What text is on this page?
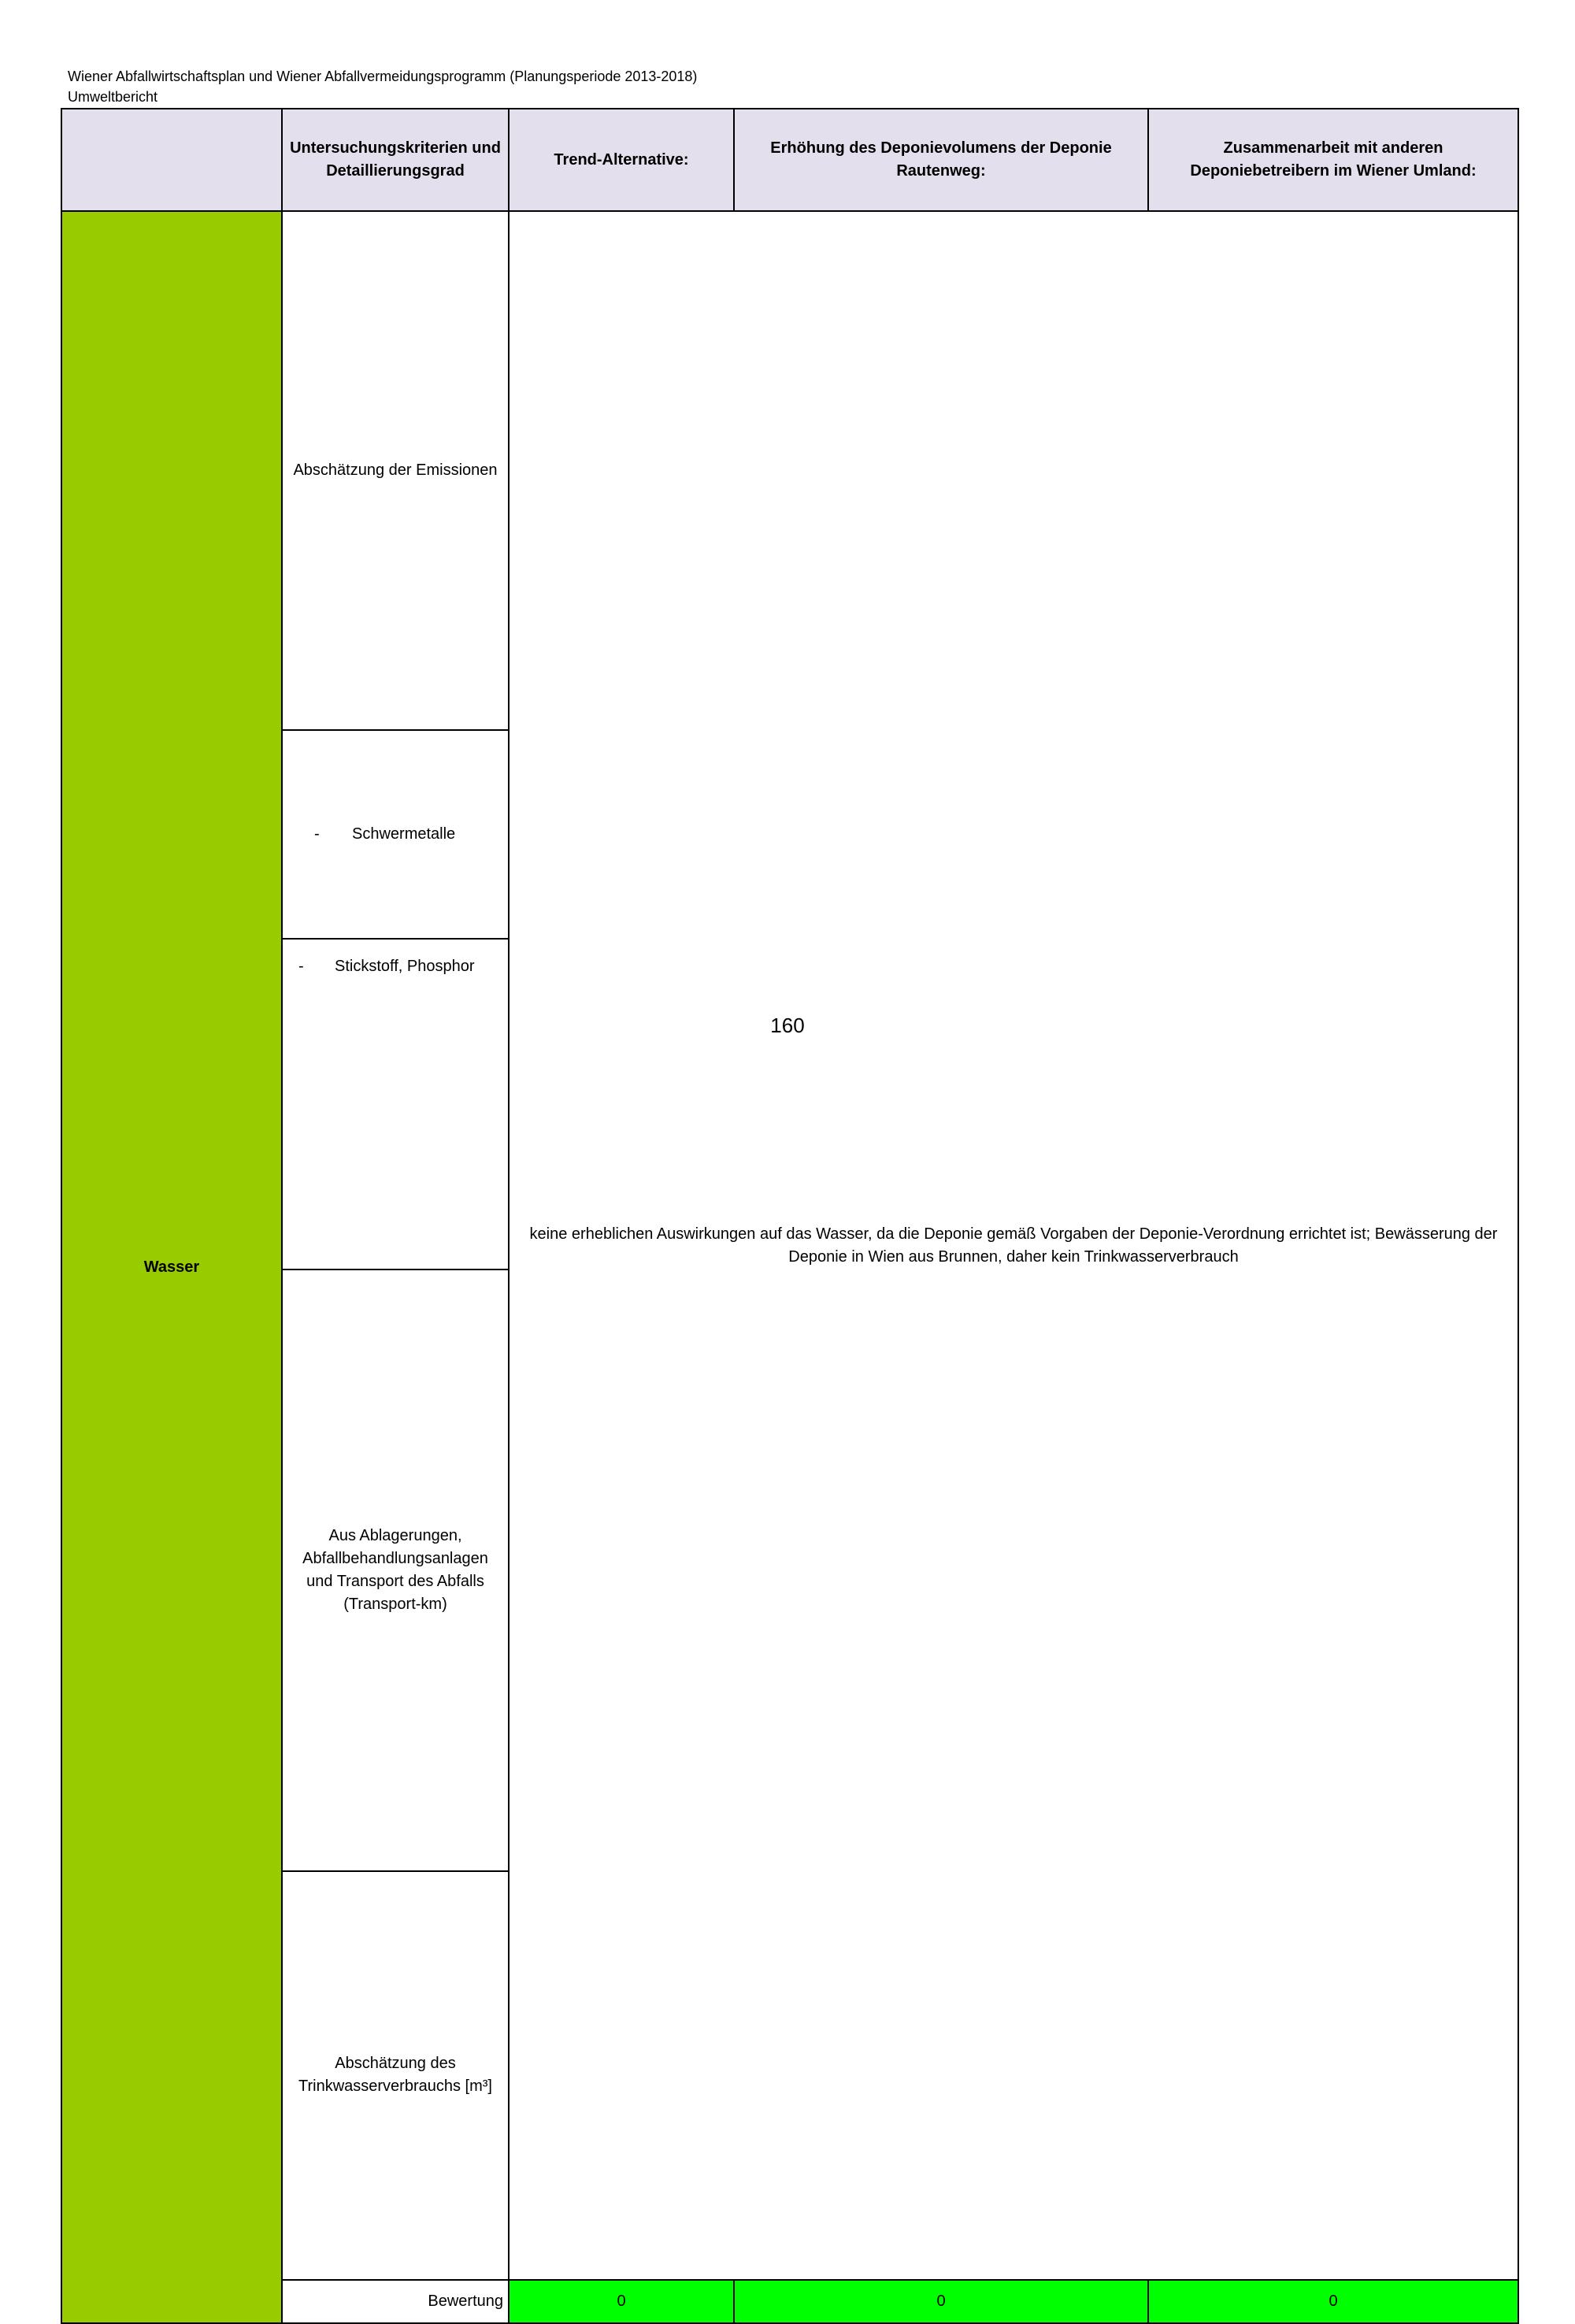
Wiener Abfallwirtschaftsplan und Wiener Abfallvermeidungsprogramm (Planungsperiode 2013-2018)
Umweltbericht
	Untersuchungskriterien und Detaillierungsgrad	Trend-Alternative:	Erhöhung des Deponievolumens der Deponie Rautenweg:	Zusammenarbeit mit anderen Deponiebetreibern im Wiener Umland:	
Wasser	Abschätzung der Emissionen	keine erheblichen Auswirkungen auf das Wasser, da die Deponie gemäß Vorgaben der Deponie-Verordnung errichtet ist; Bewässerung der Deponie in Wien aus Brunnen, daher kein Trinkwasserverbrauch

	- Schwermetalle				
	- Stickstoff, Phosphor				
	Aus Ablagerungen, Abfallbehandlungsanlagen und Transport des Abfalls (Transport-km)				
	Abschätzung des Trinkwasserverbrauchs [m³]				
	Bewertung	0	0	0	
160
